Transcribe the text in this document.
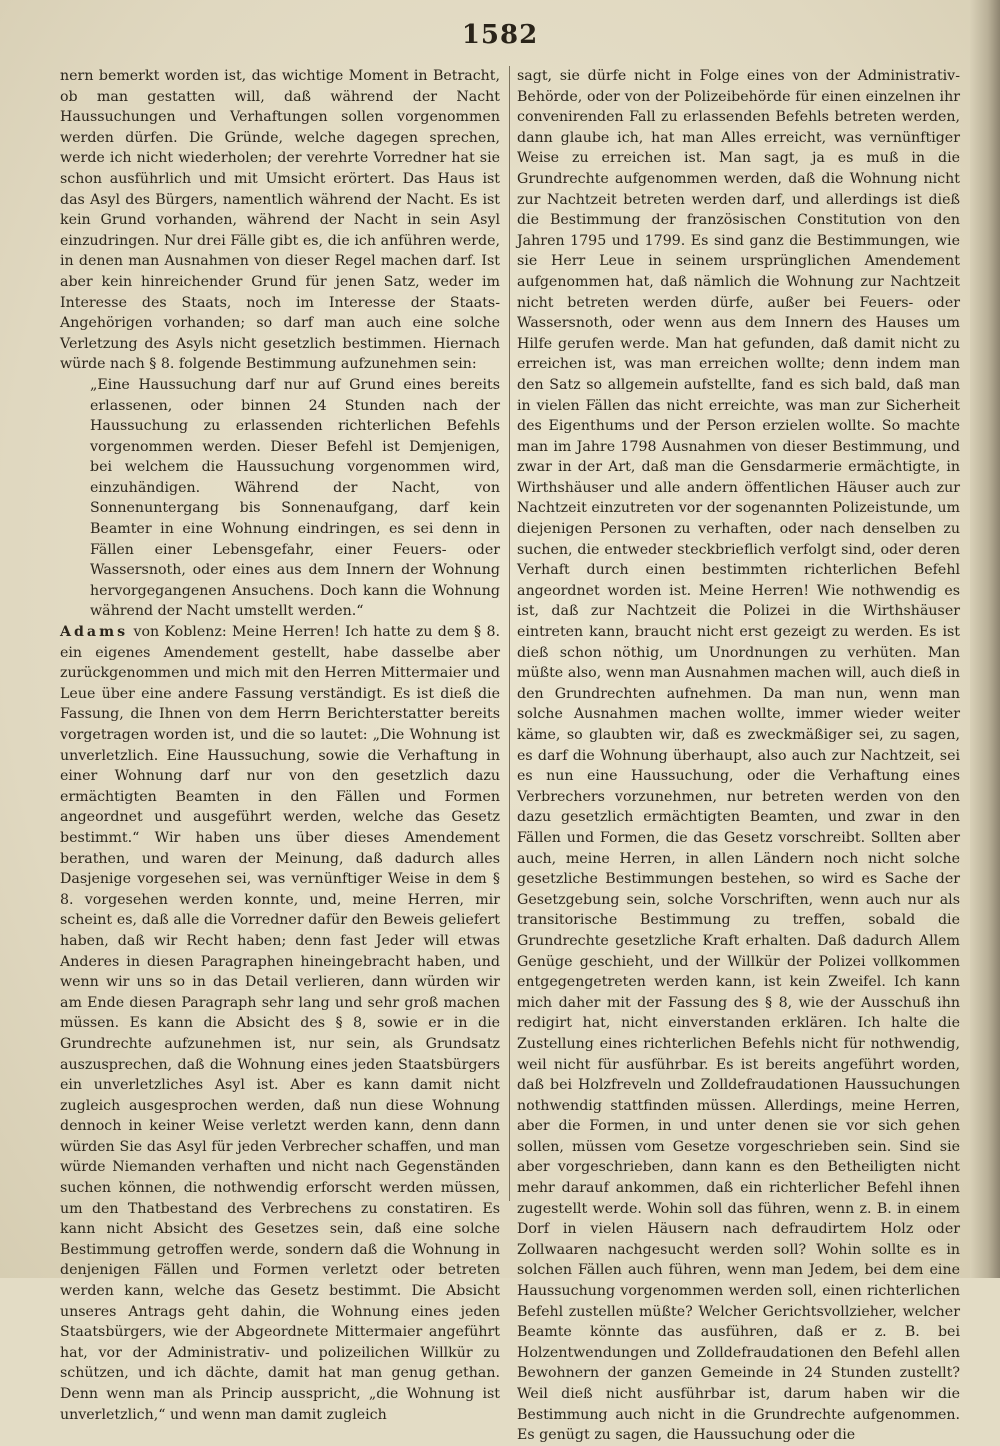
1582

nern bemerkt worden ist, das wichtige Moment in Betracht, ob man gestatten will, daß während der Nacht Haussuchungen und Verhaftungen sollen vorgenommen werden dürfen. Die Gründe, welche dagegen sprechen, werde ich nicht wiederholen; der verehrte Vorredner hat sie schon ausführlich und mit Umsicht erörtert. Das Haus ist das Asyl des Bürgers, namentlich während der Nacht. Es ist kein Grund vorhanden, während der Nacht in sein Asyl einzudringen. Nur drei Fälle gibt es, die ich anführen werde, in denen man Ausnahmen von dieser Regel machen darf. Ist aber kein hinreichender Grund für jenen Satz, weder im Interesse des Staats, noch im Interesse der Staats-Angehörigen vorhanden; so darf man auch eine solche Verletzung des Asyls nicht gesetzlich bestimmen. Hiernach würde nach § 8. folgende Bestimmung aufzunehmen sein:

„Eine Haussuchung darf nur auf Grund eines bereits erlassenen, oder binnen 24 Stunden nach der Haussuchung zu erlassenden richterlichen Befehls vorgenommen werden. Dieser Befehl ist Demjenigen, bei welchem die Haussuchung vorgenommen wird, einzuhändigen. Während der Nacht, von Sonnenuntergang bis Sonnenaufgang, darf kein Beamter in eine Wohnung eindringen, es sei denn in Fällen einer Lebensgefahr, einer Feuers- oder Wassersnoth, oder eines aus dem Innern der Wohnung hervorgegangenen Ansuchens. Doch kann die Wohnung während der Nacht umstellt werden.“

Adams von Koblenz: Meine Herren! Ich hatte zu dem § 8. ein eigenes Amendement gestellt, habe dasselbe aber zurückgenommen und mich mit den Herren Mittermaier und Leue über eine andere Fassung verständigt. Es ist dieß die Fassung, die Ihnen von dem Herrn Berichterstatter bereits vorgetragen worden ist, und die so lautet: „Die Wohnung ist unverletzlich. Eine Haussuchung, sowie die Verhaftung in einer Wohnung darf nur von den gesetzlich dazu ermächtigten Beamten in den Fällen und Formen angeordnet und ausgeführt werden, welche das Gesetz bestimmt.“ Wir haben uns über dieses Amendement berathen, und waren der Meinung, daß dadurch alles Dasjenige vorgesehen sei, was vernünftiger Weise in dem § 8. vorgesehen werden konnte, und, meine Herren, mir scheint es, daß alle die Vorredner dafür den Beweis geliefert haben, daß wir Recht haben; denn fast Jeder will etwas Anderes in diesen Paragraphen hineingebracht haben, und wenn wir uns so in das Detail verlieren, dann würden wir am Ende diesen Paragraph sehr lang und sehr groß machen müssen. Es kann die Absicht des § 8, sowie er in die Grundrechte aufzunehmen ist, nur sein, als Grundsatz auszusprechen, daß die Wohnung eines jeden Staatsbürgers ein unverletzliches Asyl ist. Aber es kann damit nicht zugleich ausgesprochen werden, daß nun diese Wohnung dennoch in keiner Weise verletzt werden kann, denn dann würden Sie das Asyl für jeden Verbrecher schaffen, und man würde Niemanden verhaften und nicht nach Gegenständen suchen können, die nothwendig erforscht werden müssen, um den Thatbestand des Verbrechens zu constatiren. Es kann nicht Absicht des Gesetzes sein, daß eine solche Bestimmung getroffen werde, sondern daß die Wohnung in denjenigen Fällen und Formen verletzt oder betreten werden kann, welche das Gesetz bestimmt. Die Absicht unseres Antrags geht dahin, die Wohnung eines jeden Staatsbürgers, wie der Abgeordnete Mittermaier angeführt hat, vor der Administrativ- und polizeilichen Willkür zu schützen, und ich dächte, damit hat man genug gethan. Denn wenn man als Princip ausspricht, „die Wohnung ist unverletzlich,“ und wenn man damit zugleich

sagt, sie dürfe nicht in Folge eines von der Administrativ-Behörde, oder von der Polizeibehörde für einen einzelnen ihr convenirenden Fall zu erlassenden Befehls betreten werden, dann glaube ich, hat man Alles erreicht, was vernünftiger Weise zu erreichen ist. Man sagt, ja es muß in die Grundrechte aufgenommen werden, daß die Wohnung nicht zur Nachtzeit betreten werden darf, und allerdings ist dieß die Bestimmung der französischen Constitution von den Jahren 1795 und 1799. Es sind ganz die Bestimmungen, wie sie Herr Leue in seinem ursprünglichen Amendement aufgenommen hat, daß nämlich die Wohnung zur Nachtzeit nicht betreten werden dürfe, außer bei Feuers- oder Wassersnoth, oder wenn aus dem Innern des Hauses um Hilfe gerufen werde. Man hat gefunden, daß damit nicht zu erreichen ist, was man erreichen wollte; denn indem man den Satz so allgemein aufstellte, fand es sich bald, daß man in vielen Fällen das nicht erreichte, was man zur Sicherheit des Eigenthums und der Person erzielen wollte. So machte man im Jahre 1798 Ausnahmen von dieser Bestimmung, und zwar in der Art, daß man die Gensdarmerie ermächtigte, in Wirthshäuser und alle andern öffentlichen Häuser auch zur Nachtzeit einzutreten vor der sogenannten Polizeistunde, um diejenigen Personen zu verhaften, oder nach denselben zu suchen, die entweder steckbrieflich verfolgt sind, oder deren Verhaft durch einen bestimmten richterlichen Befehl angeordnet worden ist. Meine Herren! Wie nothwendig es ist, daß zur Nachtzeit die Polizei in die Wirthshäuser eintreten kann, braucht nicht erst gezeigt zu werden. Es ist dieß schon nöthig, um Unordnungen zu verhüten. Man müßte also, wenn man Ausnahmen machen will, auch dieß in den Grundrechten aufnehmen. Da man nun, wenn man solche Ausnahmen machen wollte, immer wieder weiter käme, so glaubten wir, daß es zweckmäßiger sei, zu sagen, es darf die Wohnung überhaupt, also auch zur Nachtzeit, sei es nun eine Haussuchung, oder die Verhaftung eines Verbrechers vorzunehmen, nur betreten werden von den dazu gesetzlich ermächtigten Beamten, und zwar in den Fällen und Formen, die das Gesetz vorschreibt. Sollten aber auch, meine Herren, in allen Ländern noch nicht solche gesetzliche Bestimmungen bestehen, so wird es Sache der Gesetzgebung sein, solche Vorschriften, wenn auch nur als transitorische Bestimmung zu treffen, sobald die Grundrechte gesetzliche Kraft erhalten. Daß dadurch Allem Genüge geschieht, und der Willkür der Polizei vollkommen entgegengetreten werden kann, ist kein Zweifel. Ich kann mich daher mit der Fassung des § 8, wie der Ausschuß ihn redigirt hat, nicht einverstanden erklären. Ich halte die Zustellung eines richterlichen Befehls nicht für nothwendig, weil nicht für ausführbar. Es ist bereits angeführt worden, daß bei Holzfreveln und Zolldefraudationen Haussuchungen nothwendig stattfinden müssen. Allerdings, meine Herren, aber die Formen, in und unter denen sie vor sich gehen sollen, müssen vom Gesetze vorgeschrieben sein. Sind sie aber vorgeschrieben, dann kann es den Betheiligten nicht mehr darauf ankommen, daß ein richterlicher Befehl ihnen zugestellt werde. Wohin soll das führen, wenn z. B. in einem Dorf in vielen Häusern nach defraudirtem Holz oder Zollwaaren nachgesucht werden soll? Wohin sollte es in solchen Fällen auch führen, wenn man Jedem, bei dem eine Haussuchung vorgenommen werden soll, einen richterlichen Befehl zustellen müßte? Welcher Gerichtsvollzieher, welcher Beamte könnte das ausführen, daß er z. B. bei Holzentwendungen und Zolldefraudationen den Befehl allen Bewohnern der ganzen Gemeinde in 24 Stunden zustellt? Weil dieß nicht ausführbar ist, darum haben wir die Bestimmung auch nicht in die Grundrechte aufgenommen. Es genügt zu sagen, die Haussuchung oder die
